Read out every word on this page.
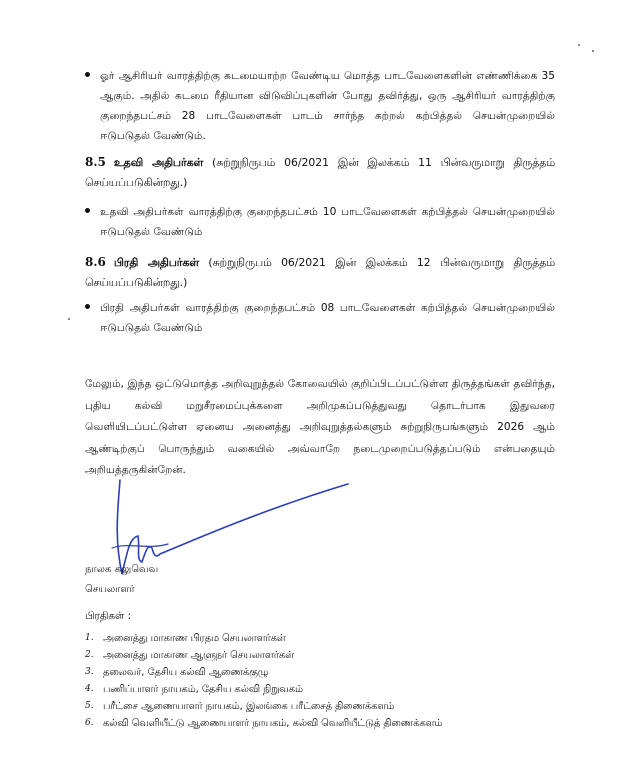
ஓர் ஆசிரியர் வாரத்திற்கு கடமையாற்ற வேண்டிய மொத்த பாடவேளைகளின் எண்ணிக்கை 35 ஆகும். அதில் கடமை ரீதியான விடுவிப்புகளின் போது தவிர்த்து, ஒரு ஆசிரியர் வாரத்திற்கு குறைந்தபட்சம் 28 பாடவேளைகள் பாடம் சார்ந்த கற்றல் கற்பித்தல் செயன்முறையில் ஈடுபடுதல் வேண்டும்.
8.5 உதவி அதிபர்கள் (சுற்றுநிருபம் 06/2021 இன் இலக்கம் 11 பின்வருமாறு திருத்தம் செய்யப்படுகின்றது.)
உதவி அதிபர்கள் வாரத்திற்கு குறைந்தபட்சம் 10 பாடவேளைகள் கற்பித்தல் செயன்முறையில் ஈடுபடுதல் வேண்டும்
8.6 பிரதி அதிபர்கள் (சுற்றுநிருபம் 06/2021 இன் இலக்கம் 12 பின்வருமாறு திருத்தம் செய்யப்படுகின்றது.)
பிரதி அதிபர்கள் வாரத்திற்கு குறைந்தபட்சம் 08 பாடவேளைகள் கற்பித்தல் செயன்முறையில் ஈடுபடுதல் வேண்டும்
மேலும், இந்த ஒட்டுமொத்த அறிவுறுத்தல் கோவையில் குறிப்பிடப்பட்டுள்ள திருத்தங்கள் தவிர்ந்த, புதிய கல்வி மறுசீரமைப்புக்களை அறிமுகப்படுத்துவது தொடர்பாக இதுவரை வெளியிடப்பட்டுள்ள ஏனைய அனைத்து அறிவுறுத்தல்களும் சுற்றுநிருபங்களும் 2026 ஆம் ஆண்டிற்குப் பொருந்தும் வகையில் அவ்வாறே நடைமுறைப்படுத்தப்படும் என்பதையும் அறியத்தருகின்றேன்.
நாலக கலுவெவ
செயலாளர்
பிரதிகள் :
1. அனைத்து மாகாண பிரதம செயலாளர்கள்
2. அனைத்து மாகாண ஆளுநர் செயலாளர்கள்
3. தலைவர், தேசிய கல்வி ஆணைக்குழு
4. பணிப்பாளர் நாயகம், தேசிய கல்வி நிறுவகம்
5. பரீட்சை ஆணையாளர் நாயகம், இலங்கை பரீட்சைத் திணைக்களம்
6. கல்வி வெளியீட்டு ஆணையாளர் நாயகம், கல்வி வெளியீட்டுத் திணைக்களம்
